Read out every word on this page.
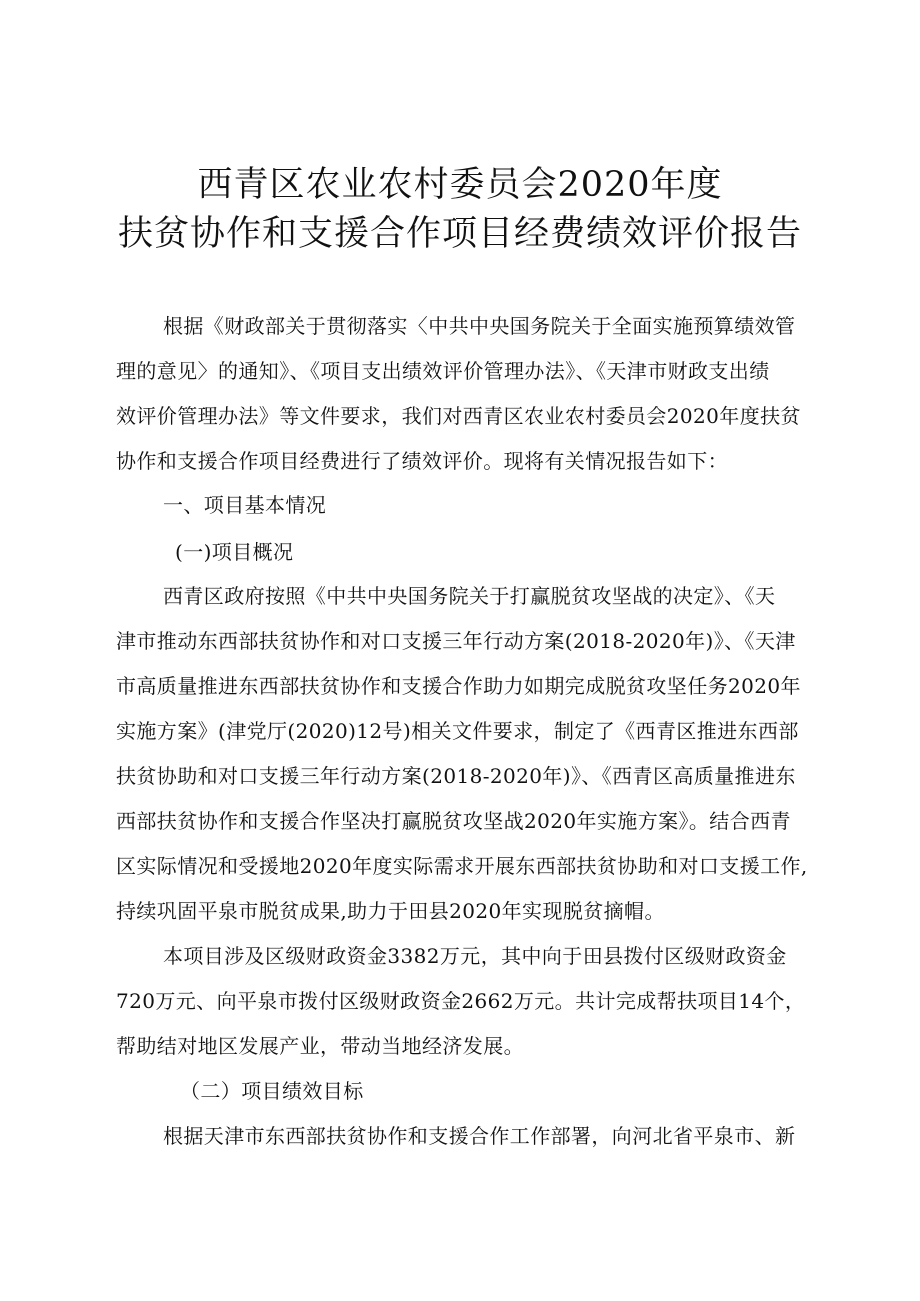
西青区农业农村委员会2020年度
扶贫协作和支援合作项目经费绩效评价报告
根据《财政部关于贯彻落实〈中共中央国务院关于全面实施预算绩效管
理的意见〉的通知》、《项目支出绩效评价管理办法》、《天津市财政支出绩
效评价管理办法》等文件要求，我们对西青区农业农村委员会2020年度扶贫
协作和支援合作项目经费进行了绩效评价。现将有关情况报告如下：
一、项目基本情况
(一)项目概况
西青区政府按照《中共中央国务院关于打赢脱贫攻坚战的决定》、《天
津市推动东西部扶贫协作和对口支援三年行动方案(2018-2020年)》、《天津
市高质量推进东西部扶贫协作和支援合作助力如期完成脱贫攻坚任务2020年
实施方案》(津党厅(2020)12号)相关文件要求，制定了《西青区推进东西部
扶贫协助和对口支援三年行动方案(2018-2020年)》、《西青区高质量推进东
西部扶贫协作和支援合作坚决打赢脱贫攻坚战2020年实施方案》。结合西青
区实际情况和受援地2020年度实际需求开展东西部扶贫协助和对口支援工作,
持续巩固平泉市脱贫成果,助力于田县2020年实现脱贫摘帽。
本项目涉及区级财政资金3382万元，其中向于田县拨付区级财政资金
720万元、向平泉市拨付区级财政资金2662万元。共计完成帮扶项目14个，
帮助结对地区发展产业，带动当地经济发展。
（二）项目绩效目标
根据天津市东西部扶贫协作和支援合作工作部署，向河北省平泉市、新
